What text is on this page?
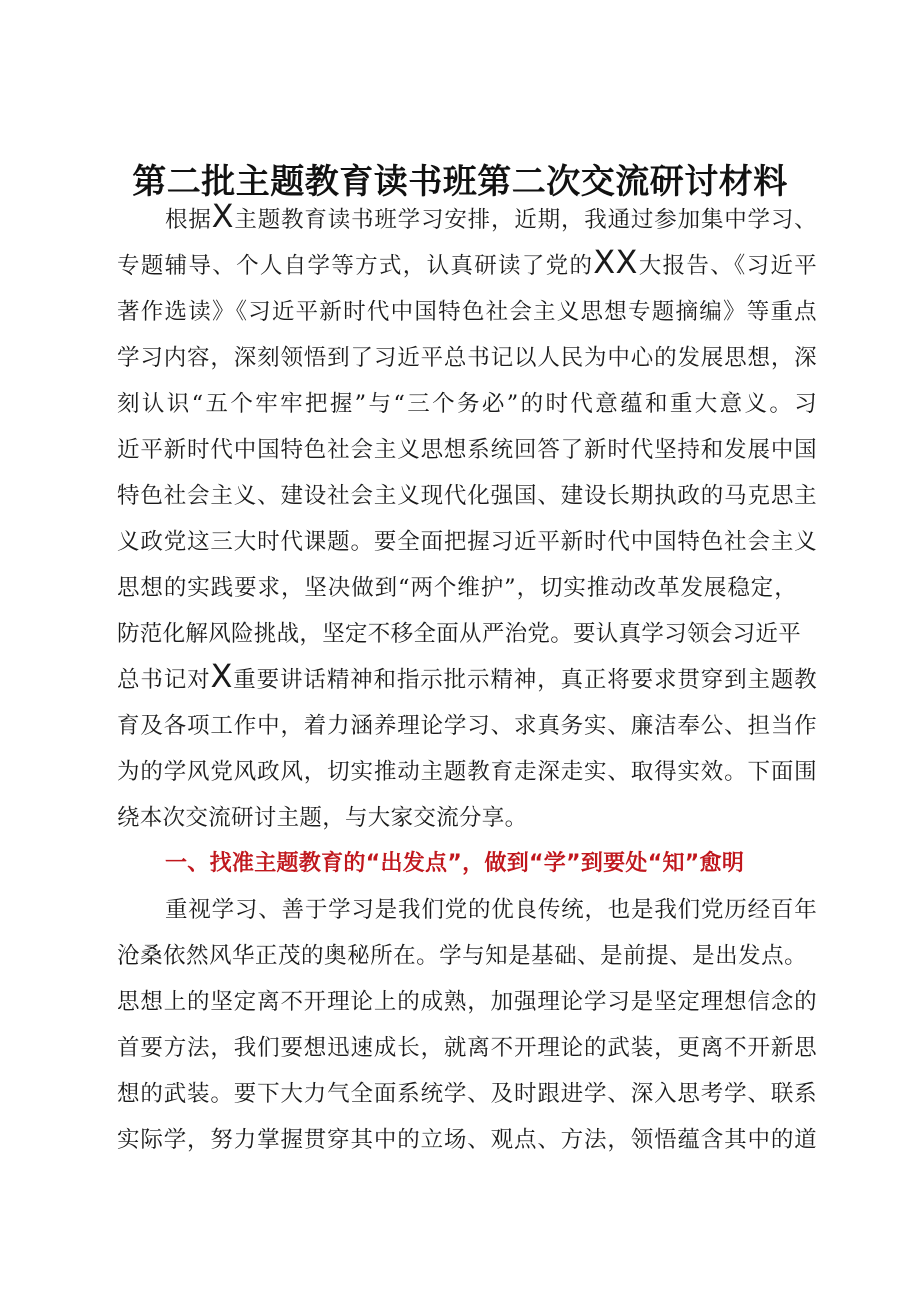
第二批主题教育读书班第二次交流研讨材料
根据X主题教育读书班学习安排，近期，我通过参加集中学习、
专题辅导、个人自学等方式，认真研读了党的XX大报告、《习近平
著作选读》《习近平新时代中国特色社会主义思想专题摘编》等重点
学习内容，深刻领悟到了习近平总书记以人民为中心的发展思想，深
刻认识“五个牢牢把握”与“三个务必”的时代意蕴和重大意义。习
近平新时代中国特色社会主义思想系统回答了新时代坚持和发展中国
特色社会主义、建设社会主义现代化强国、建设长期执政的马克思主
义政党这三大时代课题。要全面把握习近平新时代中国特色社会主义
思想的实践要求，坚决做到“两个维护”，切实推动改革发展稳定，
防范化解风险挑战，坚定不移全面从严治党。要认真学习领会习近平
总书记对X重要讲话精神和指示批示精神，真正将要求贯穿到主题教
育及各项工作中，着力涵养理论学习、求真务实、廉洁奉公、担当作
为的学风党风政风，切实推动主题教育走深走实、取得实效。下面围
绕本次交流研讨主题，与大家交流分享。
一、找准主题教育的“出发点”，做到“学”到要处“知”愈明
重视学习、善于学习是我们党的优良传统，也是我们党历经百年
沧桑依然风华正茂的奥秘所在。学与知是基础、是前提、是出发点。
思想上的坚定离不开理论上的成熟，加强理论学习是坚定理想信念的
首要方法，我们要想迅速成长，就离不开理论的武装，更离不开新思
想的武装。要下大力气全面系统学、及时跟进学、深入思考学、联系
实际学，努力掌握贯穿其中的立场、观点、方法，领悟蕴含其中的道
